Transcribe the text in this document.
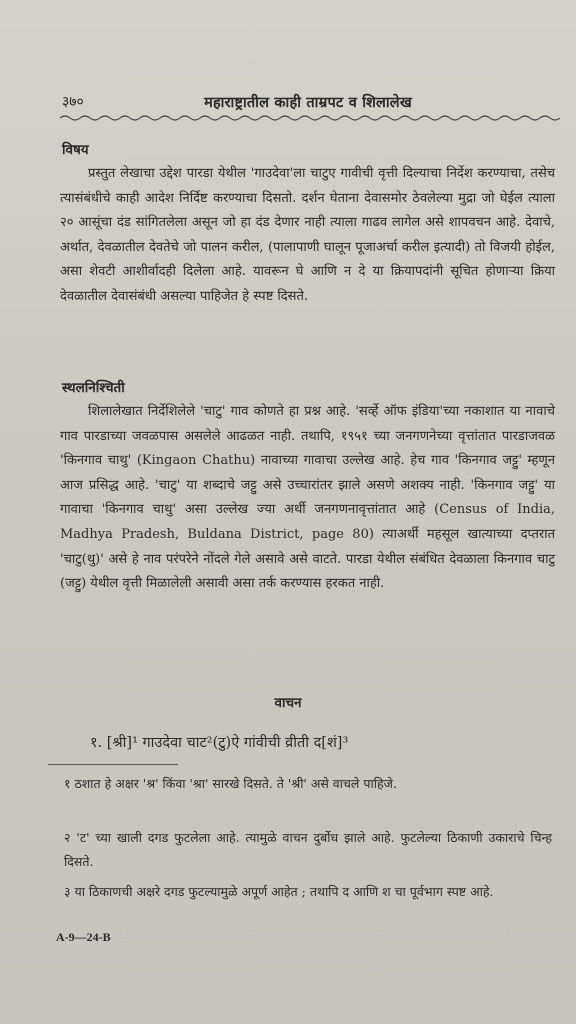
३७०	महाराष्ट्रातील काही ताम्रपट व शिलालेख
विषय

प्रस्तुत लेखाचा उद्देश पारडा येथील 'गाउदेवा'ला चाटुए गावीची वृत्ती दिल्याचा निर्देश करण्याचा, तसेच त्यासंबंधीचे काही आदेश निर्दिष्ट करण्याचा दिसतो. दर्शन घेताना देवासमोर ठेवलेल्या मुद्रा जो घेईल त्याला २० आसूंचा दंड सांगितलेला असून जो हा दंड देणार नाही त्याला गाढव लागेल असे शापवचन आहे. देवाचे, अर्थात, देवळातील देवतेचे जो पालन करील, (पालापाणी घालून पूजाअर्चा करील इत्यादी) तो विजयी होईल, असा शेवटी आशीर्वादही दिलेला आहे. यावरून घे आणि न दे या क्रियापदांनी सूचित होणाऱ्या क्रिया देवळातील देवासंबंधी असल्या पाहिजेत हे स्पष्ट दिसते.

स्थलनिश्चिती

शिलालेखात निर्देशिलेले 'चाटु' गाव कोणते हा प्रश्न आहे. 'सर्व्हे ऑफ इंडिया'च्या नकाशात या नावाचे गाव पारडाच्या जवळपास असलेले आढळत नाही. तथापि, १९५१ च्या जनगणनेच्या वृत्तांतात पारडाजवळ 'किनगाव चाथु' (Kingaon Chathu) नावाच्या गावाचा उल्लेख आहे. हेच गाव 'किनगाव जट्टु' म्हणून आज प्रसिद्ध आहे. 'चाटु' या शब्दाचे जट्टु असे उच्चारांतर झाले असणे अशक्य नाही. 'किनगाव जट्टु' या गावाचा 'किनगाव चाथु' असा उल्लेख ज्या अर्थी जनगणनावृत्तांतात आहे (Census of India, Madhya Pradesh, Buldana District, page 80) त्याअर्थी महसूल खात्याच्या दप्तरात 'चाटु(थु)' असे हे नाव परंपरेने नोंदले गेले असावे असे वाटते. पारडा येथील संबंधित देवळाला किनगाव चाटु (जट्टु) येथील वृत्ती मिळालेली असावी असा तर्क करण्यास हरकत नाही.

वाचन
१. [श्री]¹ गाउदेवा चाट²(टु)ऐ गांवीची व्रीती द[शं]³

१ ठशात हे अक्षर 'श्र' किंवा 'श्रा' सारखे दिसते. ते 'श्री' असे वाचले पाहिजे.

२ 'ट' च्या खाली दगड फुटलेला आहे. त्यामुळे वाचन दुर्बोध झाले आहे. फुटलेल्या ठिकाणी उकाराचे चिन्ह दिसते.

३ या ठिकाणची अक्षरे दगड फुटल्यामुळे अपूर्ण आहेत ; तथापि द आणि श चा पूर्वभाग स्पष्ट आहे.

A-9—24-B
